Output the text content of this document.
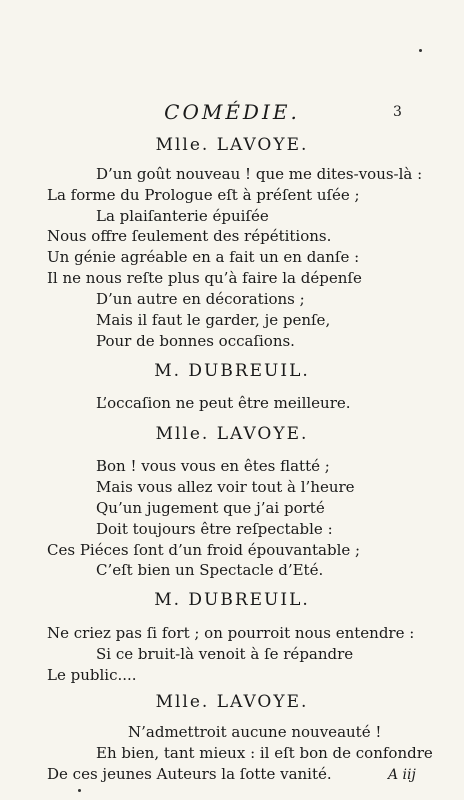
COMÉDIE.	3
Mlle. LAVOYE.
D’un goût nouveau ! que me dites-vous-là :
La forme du Prologue eſt à préſent uſée ;
La plaiſanterie épuiſée
Nous offre ſeulement des répétitions.
Un génie agréable en a fait un en danſe :
Il ne nous reſte plus qu’à faire la dépenſe
D’un autre en décorations ;
Mais il faut le garder, je penſe,
Pour de bonnes occaſions.
M. DUBREUIL.
L’occaſion ne peut être meilleure.
Mlle. LAVOYE.
Bon ! vous vous en êtes flatté ;
Mais vous allez voir tout à l’heure
Qu’un jugement que j’ai porté
Doit toujours être reſpectable :
Ces Piéces ſont d’un froid épouvantable ;
C’eſt bien un Spectacle d’Eté.
M. DUBREUIL.
Ne criez pas ſi fort ; on pourroit nous entendre :
Si ce bruit-là venoit à ſe répandre
Le public....
Mlle. LAVOYE.
N’admettroit aucune nouveauté !
Eh bien, tant mieux : il eſt bon de confondre
De ces jeunes Auteurs la ſotte vanité.	A iij
